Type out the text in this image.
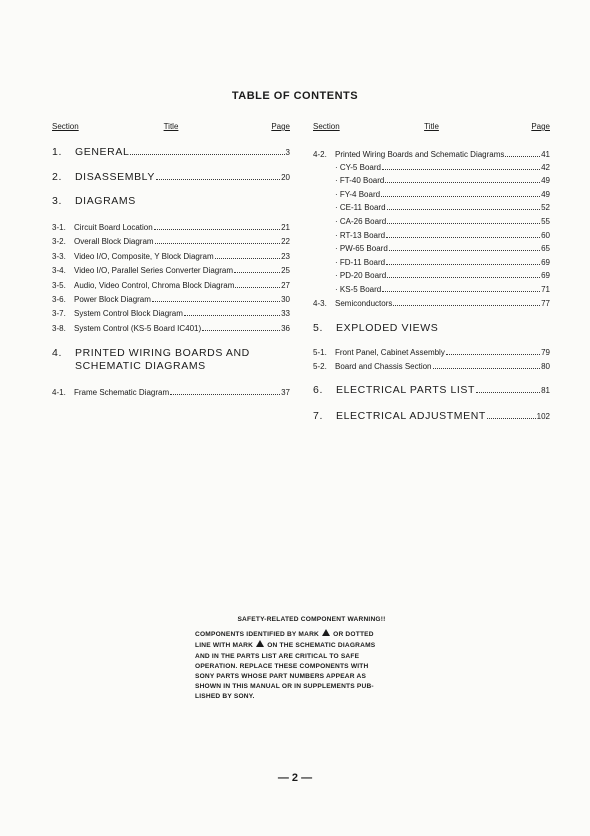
TABLE OF CONTENTS
Section	Title	Page
1.	GENERAL	3
2.	DISASSEMBLY	20
3.	DIAGRAMS
3-1.	Circuit Board Location	21
3-2.	Overall Block Diagram	22
3-3.	Video I/O, Composite, Y Block Diagram	23
3-4.	Video I/O, Parallel Series Converter Diagram	25
3-5.	Audio, Video Control, Chroma Block Diagram	27
3-6.	Power Block Diagram	30
3-7.	System Control Block Diagram	33
3-8.	System Control (KS-5 Board IC401)	36
4.	PRINTED WIRING BOARDS AND
SCHEMATIC DIAGRAMS
4-1.	Frame Schematic Diagram	37
Section	Title	Page
4-2.	Printed Wiring Boards and Schematic Diagrams	41
· CY-5 Board	42
· FT-40 Board	49
· FY-4 Board	49
· CE-11 Board	52
· CA-26 Board	55
· RT-13 Board	60
· PW-65 Board	65
· FD-11 Board	69
· PD-20 Board	69
· KS-5 Board	71
4-3.	Semiconductors	77
5.	EXPLODED VIEWS
5-1.	Front Panel, Cabinet Assembly	79
5-2.	Board and Chassis Section	80
6.	ELECTRICAL PARTS LIST	81
7.	ELECTRICAL ADJUSTMENT	102
SAFETY-RELATED COMPONENT WARNING!!
COMPONENTS IDENTIFIED BY MARK OR DOTTED
LINE WITH MARK ON THE SCHEMATIC DIAGRAMS
AND IN THE PARTS LIST ARE CRITICAL TO SAFE
OPERATION. REPLACE THESE COMPONENTS WITH
SONY PARTS WHOSE PART NUMBERS APPEAR AS
SHOWN IN THIS MANUAL OR IN SUPPLEMENTS PUB-
LISHED BY SONY.
— 2 —
